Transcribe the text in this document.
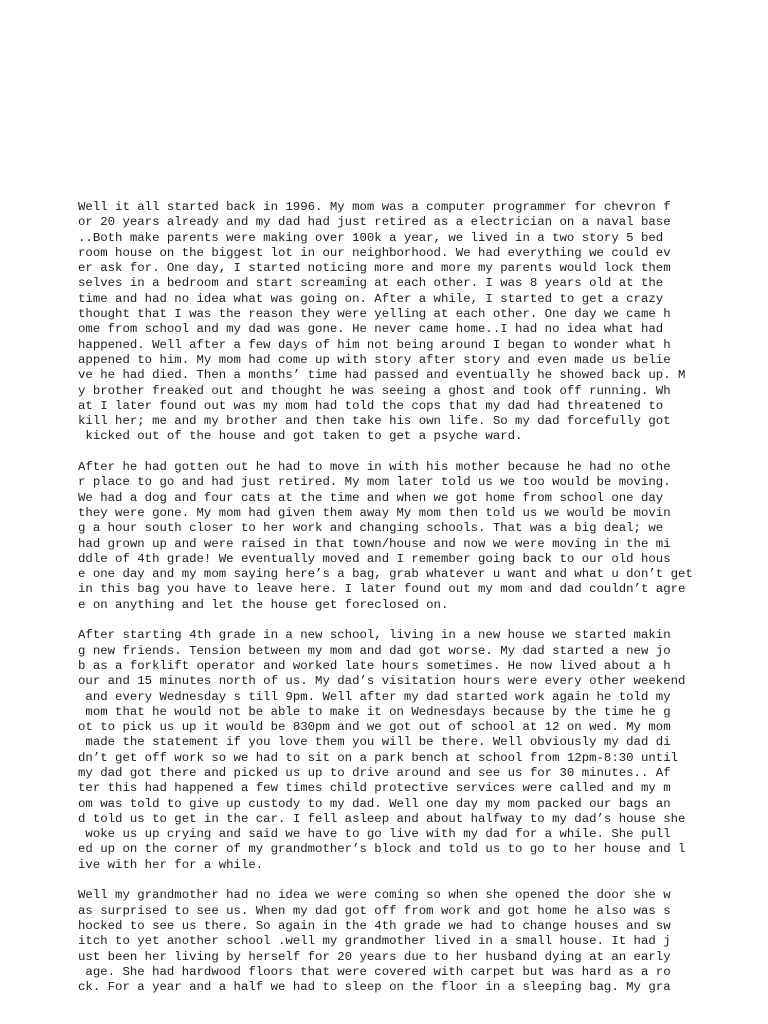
Well it all started back in 1996. My mom was a computer programmer for chevron f
or 20 years already and my dad had just retired as a electrician on a naval base
..Both make parents were making over 100k a year, we lived in a two story 5 bed
room house on the biggest lot in our neighborhood. We had everything we could ev
er ask for. One day, I started noticing more and more my parents would lock them
selves in a bedroom and start screaming at each other. I was 8 years old at the
time and had no idea what was going on. After a while, I started to get a crazy
thought that I was the reason they were yelling at each other. One day we came h
ome from school and my dad was gone. He never came home..I had no idea what had
happened. Well after a few days of him not being around I began to wonder what h
appened to him. My mom had come up with story after story and even made us belie
ve he had died. Then a months’ time had passed and eventually he showed back up. M
y brother freaked out and thought he was seeing a ghost and took off running. Wh
at I later found out was my mom had told the cops that my dad had threatened to
kill her; me and my brother and then take his own life. So my dad forcefully got
kicked out of the house and got taken to get a psyche ward.
After he had gotten out he had to move in with his mother because he had no othe
r place to go and had just retired. My mom later told us we too would be moving.
We had a dog and four cats at the time and when we got home from school one day
they were gone. My mom had given them away My mom then told us we would be movin
g a hour south closer to her work and changing schools. That was a big deal; we
had grown up and were raised in that town/house and now we were moving in the mi
ddle of 4th grade! We eventually moved and I remember going back to our old hous
e one day and my mom saying here’s a bag, grab whatever u want and what u don’t get
in this bag you have to leave here. I later found out my mom and dad couldn’t agre
e on anything and let the house get foreclosed on.
After starting 4th grade in a new school, living in a new house we started makin
g new friends. Tension between my mom and dad got worse. My dad started a new jo
b as a forklift operator and worked late hours sometimes. He now lived about a h
our and 15 minutes north of us. My dad’s visitation hours were every other weekend
and every Wednesday s till 9pm. Well after my dad started work again he told my
mom that he would not be able to make it on Wednesdays because by the time he g
ot to pick us up it would be 830pm and we got out of school at 12 on wed. My mom
made the statement if you love them you will be there. Well obviously my dad di
dn’t get off work so we had to sit on a park bench at school from 12pm-8:30 until
my dad got there and picked us up to drive around and see us for 30 minutes.. Af
ter this had happened a few times child protective services were called and my m
om was told to give up custody to my dad. Well one day my mom packed our bags an
d told us to get in the car. I fell asleep and about halfway to my dad’s house she
woke us up crying and said we have to go live with my dad for a while. She pull
ed up on the corner of my grandmother’s block and told us to go to her house and l
ive with her for a while.
Well my grandmother had no idea we were coming so when she opened the door she w
as surprised to see us. When my dad got off from work and got home he also was s
hocked to see us there. So again in the 4th grade we had to change houses and sw
itch to yet another school .well my grandmother lived in a small house. It had j
ust been her living by herself for 20 years due to her husband dying at an early
age. She had hardwood floors that were covered with carpet but was hard as a ro
ck. For a year and a half we had to sleep on the floor in a sleeping bag. My gra
